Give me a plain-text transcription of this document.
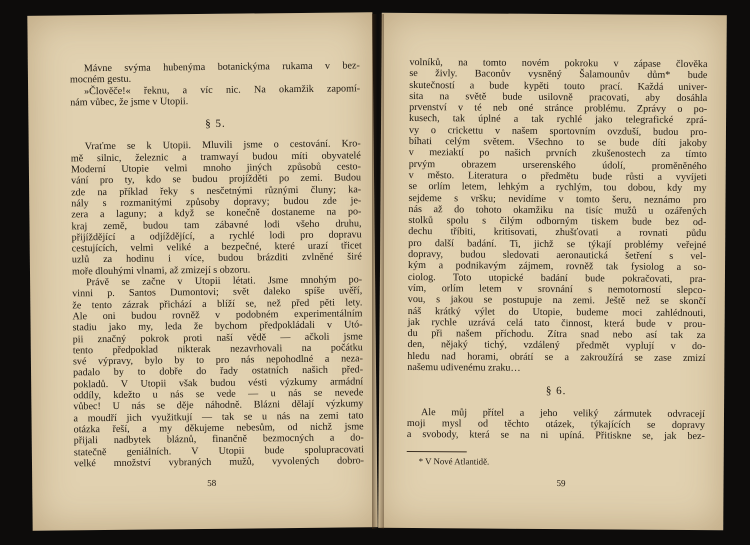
Mávne svýma hubenýma botanickýma rukama v bez-
mocném gestu.
»Člověče!« řeknu, a víc nic. Na okamžik zapomí-
nám vůbec, že jsme v Utopii.
§ 5.
Vraťme se k Utopii. Mluvili jsme o cestování. Kro-
mě silnic, železnic a tramwayí budou míti obyvatelé
Moderní Utopie velmi mnoho jiných způsobů cesto-
vání pro ty, kdo se budou projížděti po zemi. Budou
zde na příklad řeky s nesčetnými různými čluny; ka-
nály s rozmanitými způsoby dopravy; budou zde je-
zera a laguny; a když se konečně dostaneme na po-
kraj země, budou tam zábavné lodi všeho druhu,
přijíždějící a odjíždějící, a rychlé lodi pro dopravu
cestujících, velmi veliké a bezpečné, které urazí třicet
uzlů za hodinu i více, budou brázditi zvlněné širé
moře dlouhými vlnami, až zmizejí s obzoru.
Právě se začne v Utopii létati. Jsme mnohým po-
vinni p. Santos Dumontovi; svět daleko spíše uvěří,
že tento zázrak přichází a blíží se, než před pěti lety.
Ale oni budou rovněž v podobném experimentálním
stadiu jako my, leda že bychom předpokládali v Utó-
pii značný pokrok proti naší vědě — ačkoli jsme
tento předpoklad nikterak nezavrhovali na počátku
své výpravy, bylo by to pro nás nepohodlné a neza-
padalo by to dobře do řady ostatních našich před-
pokladů. V Utopii však budou vésti výzkumy armádní
oddíly, kdežto u nás se vede — u nás se nevede
vůbec! U nás se děje náhodně. Blázni dělají výzkumy
a moudří jich využitkují — tak se u nás na zemi tato
otázka řeší, a my děkujeme nebesům, od nichž jsme
přijali nadbytek bláznů, finančně bezmocných a do-
statečně geniálních. V Utopii bude spolupracovati
velké množství vybraných mužů, vyvolených dobro-
58
volníků, na tomto novém pokroku v zápase člověka
se živly. Baconův vysněný Šalamounův dům* bude
skutečností a bude kypěti touto prací. Každá univer-
sita na světě bude usilovně pracovati, aby dosáhla
prvenství v té neb oné stránce problému. Zprávy o po-
kusech, tak úplné a tak rychlé jako telegrafické zprá-
vy o crickettu v našem sportovním ovzduší, budou pro-
bíhati celým světem. Všechno to se bude díti jakoby
v meziaktí po našich prvních zkušenostech za tímto
prvým obrazem urserenského údolí, proměněného
v město. Literatura o předmětu bude růsti a vyvíjeti
se orlím letem, lehkým a rychlým, tou dobou, kdy my
sejdeme s vršku; nevidíme v tomto šeru, neznámo pro
nás až do tohoto okamžiku na tisíc mužů u ozářených
stolků spolu s čilým odborným tiskem bude bez od-
dechu tříbiti, kritisovati, zhušťovati a rovnati půdu
pro další badání. Ti, jichž se týkají problémy veřejné
dopravy, budou sledovati aeronautická šetření s vel-
kým a podnikavým zájmem, rovněž tak fysiolog a so-
ciolog. Toto utopické badání bude pokračovati, pra-
vím, orlím letem v srovnání s nemotorností slepco-
vou, s jakou se postupuje na zemi. Ještě než se skončí
náš krátký výlet do Utopie, budeme moci zahlédnouti,
jak rychle uzrává celá tato činnost, která bude v prou-
du při našem příchodu. Zítra snad nebo así tak za
den, nějaký tichý, vzdálený předmět vyplují v do-
hledu nad horami, obrátí se a zakroužírá se zase zmizí
našemu udivenému zraku…
§ 6.
Ale můj přítel a jeho veliký zármutek odvracejí
moji mysl od těchto otázek, týkajících se dopravy
a svobody, která se na ni upíná. Přitiskne se, jak bez-
* V Nové Atlantidě.
59
